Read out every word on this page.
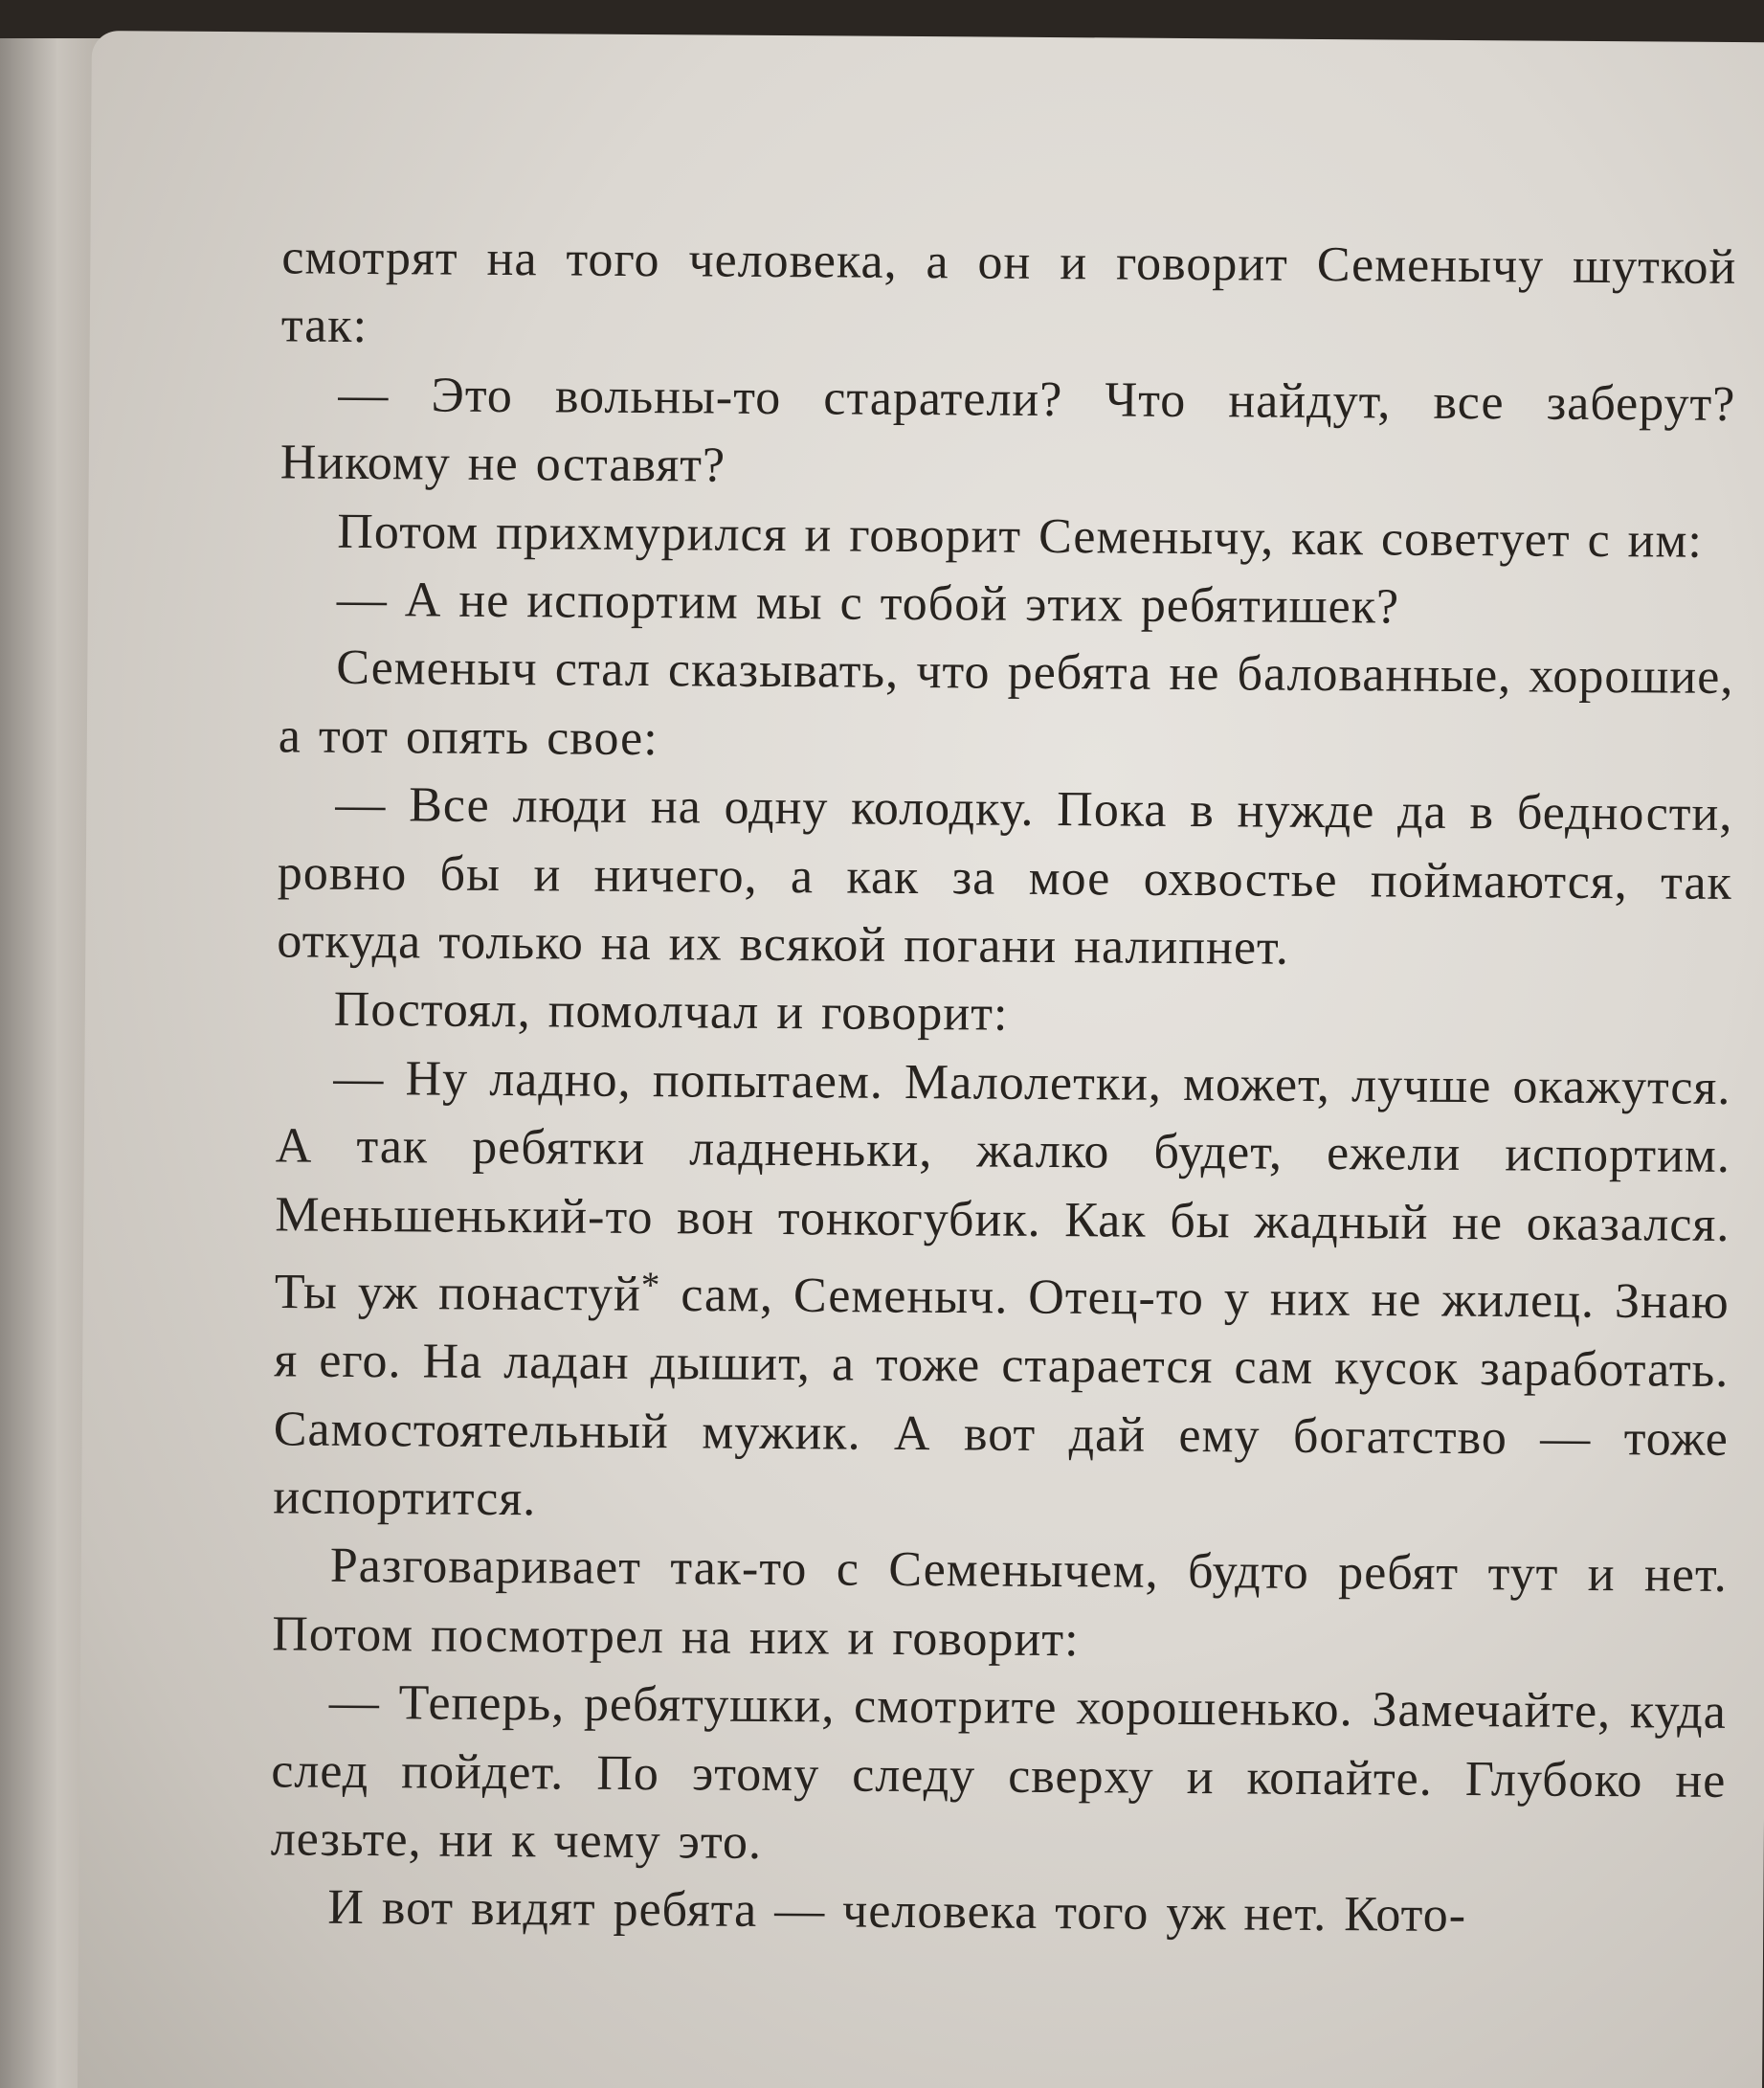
смотрят на того человека, а он и говорит Семенычу шуткой так:

— Это вольны-то старатели? Что найдут, все заберут? Никому не оставят?

Потом прихмурился и говорит Семенычу, как советует с им:

— А не испортим мы с тобой этих ребятишек?

Семеныч стал сказывать, что ребята не балованные, хорошие, а тот опять свое:

— Все люди на одну колодку. Пока в нужде да в бедности, ровно бы и ничего, а как за мое охвостье поймаются, так откуда только на их всякой погани налипнет.

Постоял, помолчал и говорит:

— Ну ладно, попытаем. Малолетки, может, лучше окажутся. А так ребятки ладненьки, жалко будет, ежели испортим. Меньшенький-то вон тонкогубик. Как бы жадный не оказался. Ты уж понастуй* сам, Семеныч. Отец-то у них не жилец. Знаю я его. На ладан дышит, а тоже старается сам кусок заработать. Самостоятельный мужик. А вот дай ему богатство — тоже испортится.

Разговаривает так-то с Семенычем, будто ребят тут и нет. Потом посмотрел на них и говорит:

— Теперь, ребятушки, смотрите хорошенько. Замечайте, куда след пойдет. По этому следу сверху и копайте. Глубоко не лезьте, ни к чему это.

И вот видят ребята — человека того уж нет. Кото-
